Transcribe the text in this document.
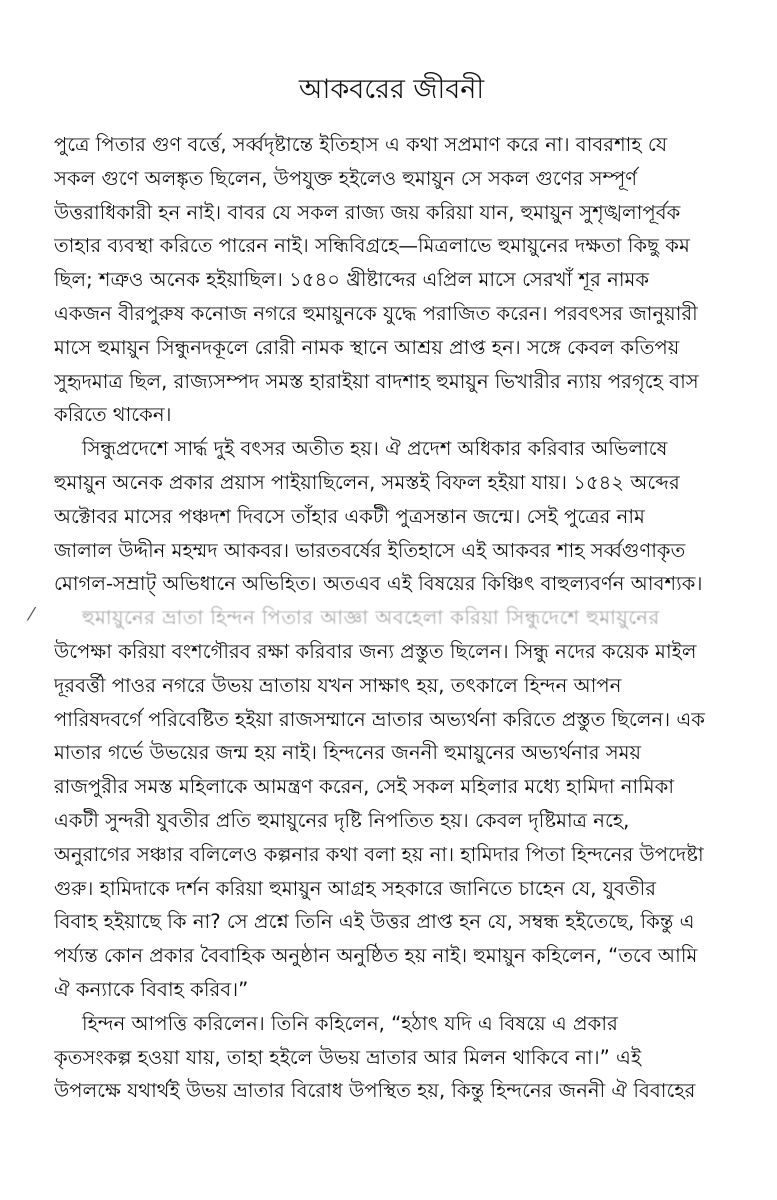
আকবরের জীবনী

পুত্রে পিতার গুণ বর্ত্তে, সর্ব্বদৃষ্টান্তে ইতিহাস এ কথা সপ্রমাণ করে না। বাবরশাহ যে
সকল গুণে অলঙ্কৃত ছিলেন, উপযুক্ত হইলেও হুমায়ুন সে সকল গুণের সম্পূর্ণ
উত্তরাধিকারী হন নাই। বাবর যে সকল রাজ্য জয় করিয়া যান, হুমায়ুন সুশৃঙ্খলাপূর্বক
তাহার ব্যবস্থা করিতে পারেন নাই। সন্ধিবিগ্রহে—মিত্রলাভে হুমায়ুনের দক্ষতা কিছু কম
ছিল; শত্রুও অনেক হইয়াছিল। ১৫৪০ খ্রীষ্টাব্দের এপ্রিল মাসে সেরখাঁ শূর নামক
একজন বীরপুরুষ কনোজ নগরে হুমায়ুনকে যুদ্ধে পরাজিত করেন। পরবৎসর জানুয়ারী
মাসে হুমায়ুন সিন্ধুনদকূলে রোরী নামক স্থানে আশ্রয় প্রাপ্ত হন। সঙ্গে কেবল কতিপয়
সুহৃদমাত্র ছিল, রাজ্যসম্পদ সমস্ত হারাইয়া বাদশাহ হুমায়ুন ভিখারীর ন্যায় পরগৃহে বাস
করিতে থাকেন।

সিন্ধুপ্রদেশে সার্দ্ধ দুই বৎসর অতীত হয়। ঐ প্রদেশ অধিকার করিবার অভিলাষে
হুমায়ুন অনেক প্রকার প্রয়াস পাইয়াছিলেন, সমস্তই বিফল হইয়া যায়। ১৫৪২ অব্দের
অক্টোবর মাসের পঞ্চদশ দিবসে তাঁহার একটী পুত্রসন্তান জন্মে। সেই পুত্রের নাম
জালাল উদ্দীন মহম্মদ আকবর। ভারতবর্ষের ইতিহাসে এই আকবর শাহ সর্ব্বগুণাকৃত
মোগল-সম্রাট্ অভিধানে অভিহিত। অতএব এই বিষয়ের কিঞ্চিৎ বাহুল্যবর্ণন আবশ্যক।

হুমায়ুনের ভ্রাতা হিন্দন পিতার আজ্ঞা অবহেলা করিয়া সিন্ধুদেশে হুমায়ুনের
উপেক্ষা করিয়া বংশগৌরব রক্ষা করিবার জন্য প্রস্তুত ছিলেন। সিন্ধু নদের কয়েক মাইল
দূরবর্ত্তী পাওর নগরে উভয় ভ্রাতায় যখন সাক্ষাৎ হয়, তৎকালে হিন্দন আপন
পারিষদবর্গে পরিবেষ্টিত হইয়া রাজসম্মানে ভ্রাতার অভ্যর্থনা করিতে প্রস্তুত ছিলেন। এক
মাতার গর্ভে উভয়ের জন্ম হয় নাই। হিন্দনের জননী হুমায়ুনের অভ্যর্থনার সময়
রাজপুরীর সমস্ত মহিলাকে আমন্ত্রণ করেন, সেই সকল মহিলার মধ্যে হামিদা নামিকা
একটী সুন্দরী যুবতীর প্রতি হুমায়ুনের দৃষ্টি নিপতিত হয়। কেবল দৃষ্টিমাত্র নহে,
অনুরাগের সঞ্চার বলিলেও কল্পনার কথা বলা হয় না। হামিদার পিতা হিন্দনের উপদেষ্টা
গুরু। হামিদাকে দর্শন করিয়া হুমায়ুন আগ্রহ সহকারে জানিতে চাহেন যে, যুবতীর
বিবাহ হইয়াছে কি না? সে প্রশ্নে তিনি এই উত্তর প্রাপ্ত হন যে, সম্বন্ধ হইতেছে, কিন্তু এ
পর্য্যন্ত কোন প্রকার বৈবাহিক অনুষ্ঠান অনুষ্ঠিত হয় নাই। হুমায়ুন কহিলেন, “তবে আমি
ঐ কন্যাকে বিবাহ করিব।”

হিন্দন আপত্তি করিলেন। তিনি কহিলেন, “হঠাৎ যদি এ বিষয়ে এ প্রকার
কৃতসংকল্প হওয়া যায়, তাহা হইলে উভয় ভ্রাতার আর মিলন থাকিবে না।” এই
উপলক্ষে যথার্থই উভয় ভ্রাতার বিরোধ উপস্থিত হয়, কিন্তু হিন্দনের জননী ঐ বিবাহের

⁄
